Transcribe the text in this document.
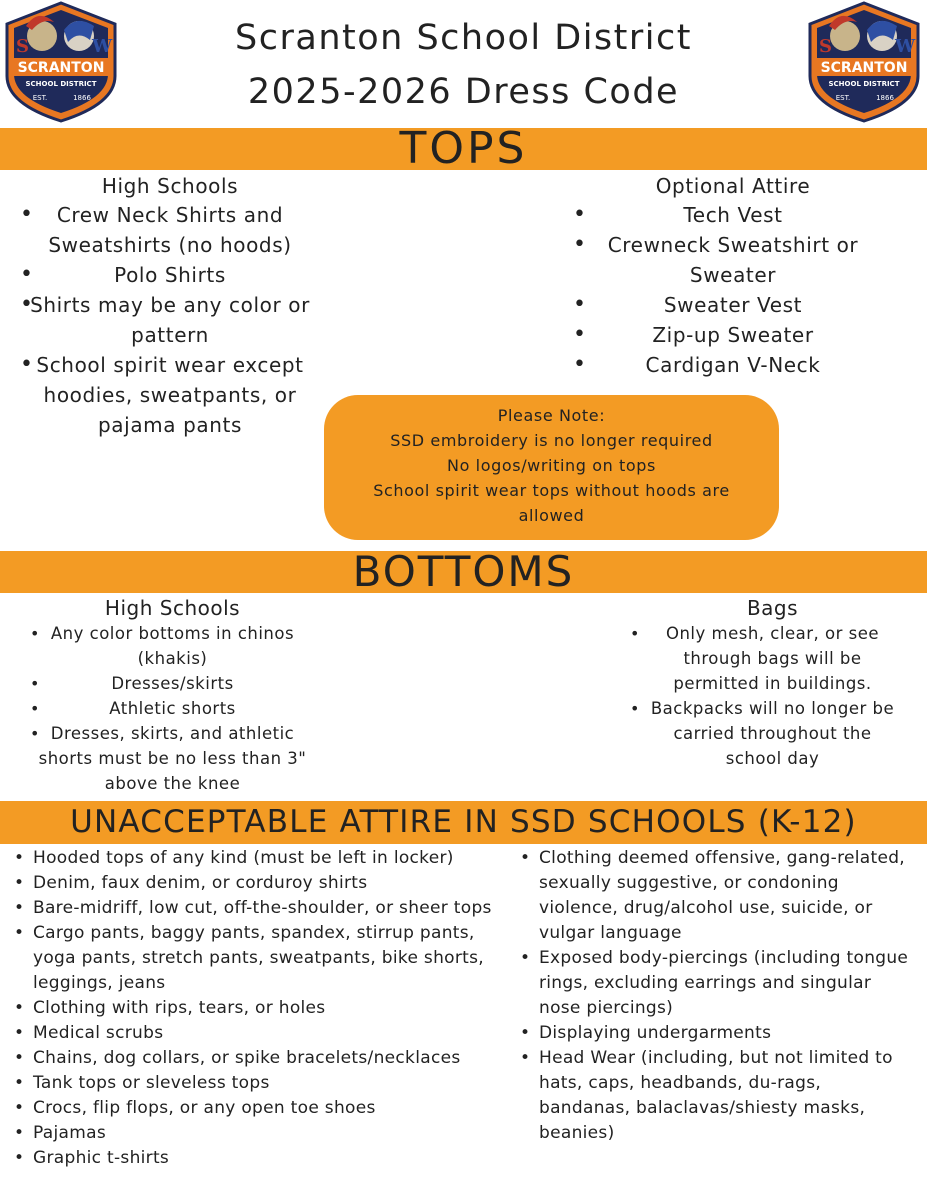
S	W
SCRANTON
SCHOOL DISTRICT
EST.	1866
S	W
SCRANTON
SCHOOL DISTRICT
EST.	1866
Scranton School District
2025-2026 Dress Code
TOPS
High Schools
• Crew Neck Shirts and Sweatshirts (no hoods)
• Polo Shirts
• Shirts may be any color or pattern
• School spirit wear except hoodies, sweatpants, or pajama pants
Optional Attire
• Tech Vest
• Crewneck Sweatshirt or Sweater
• Sweater Vest
• Zip-up Sweater
• Cardigan V-Neck
Please Note:
SSD embroidery is no longer required
No logos/writing on tops
School spirit wear tops without hoods are allowed
BOTTOMS
High Schools
• Any color bottoms in chinos (khakis)
• Dresses/skirts
• Athletic shorts
• Dresses, skirts, and athletic shorts must be no less than 3" above the knee
Bags
• Only mesh, clear, or see through bags will be permitted in buildings.
• Backpacks will no longer be carried throughout the school day
UNACCEPTABLE ATTIRE IN SSD SCHOOLS (K-12)
• Hooded tops of any kind (must be left in locker)
• Denim, faux denim, or corduroy shirts
• Bare-midriff, low cut, off-the-shoulder, or sheer tops
• Cargo pants, baggy pants, spandex, stirrup pants, yoga pants, stretch pants, sweatpants, bike shorts, leggings, jeans
• Clothing with rips, tears, or holes
• Medical scrubs
• Chains, dog collars, or spike bracelets/necklaces
• Tank tops or sleveless tops
• Crocs, flip flops, or any open toe shoes
• Pajamas
• Graphic t-shirts
• Clothing deemed offensive, gang-related, sexually suggestive, or condoning violence, drug/alcohol use, suicide, or vulgar language
• Exposed body-piercings (including tongue rings, excluding earrings and singular nose piercings)
• Displaying undergarments
• Head Wear (including, but not limited to hats, caps, headbands, du-rags, bandanas, balaclavas/shiesty masks, beanies)
